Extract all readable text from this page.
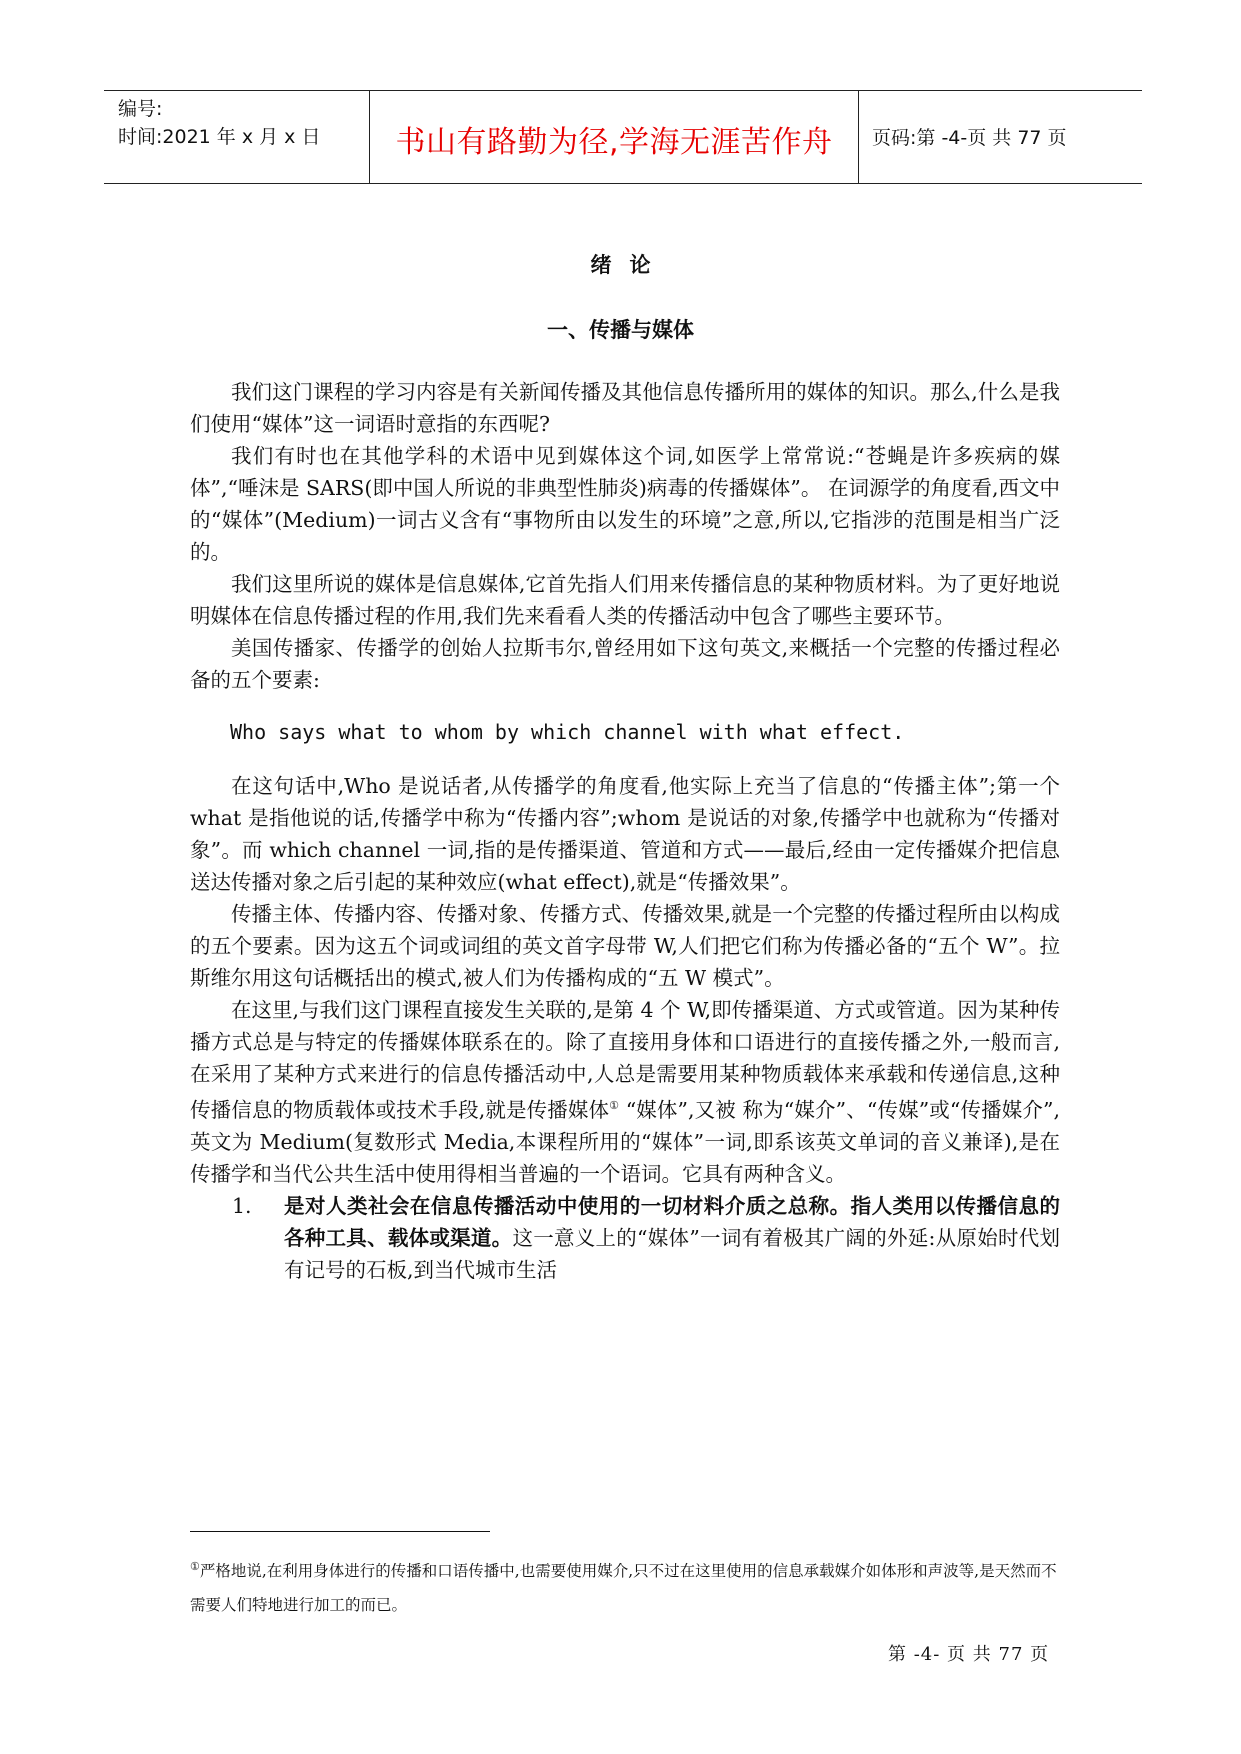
编号:
时间:2021 年 x 月 x 日	书山有路勤为径,学海无涯苦作舟	页码:第 -4-页 共 77 页
绪论
一、传播与媒体

我们这门课程的学习内容是有关新闻传播及其他信息传播所用的媒体的知识。那么,什么是我们使用“媒体”这一词语时意指的东西呢?

我们有时也在其他学科的术语中见到媒体这个词,如医学上常常说:“苍蝇是许多疾病的媒体”,“唾沫是 SARS(即中国人所说的非典型性肺炎)病毒的传播媒体”。 在词源学的角度看,西文中的“媒体”(Medium)一词古义含有“事物所由以发生的环境”之意,所以,它指涉的范围是相当广泛的。

我们这里所说的媒体是信息媒体,它首先指人们用来传播信息的某种物质材料。为了更好地说明媒体在信息传播过程的作用,我们先来看看人类的传播活动中包含了哪些主要环节。

美国传播家、传播学的创始人拉斯韦尔,曾经用如下这句英文,来概括一个完整的传播过程必备的五个要素:

Who says what to whom by which channel with what effect.

在这句话中,Who 是说话者,从传播学的角度看,他实际上充当了信息的“传播主体”;第一个 what 是指他说的话,传播学中称为“传播内容”;whom 是说话的对象,传播学中也就称为“传播对象”。而 which channel 一词,指的是传播渠道、管道和方式——最后,经由一定传播媒介把信息送达传播对象之后引起的某种效应(what effect),就是“传播效果”。

传播主体、传播内容、传播对象、传播方式、传播效果,就是一个完整的传播过程所由以构成的五个要素。因为这五个词或词组的英文首字母带 W,人们把它们称为传播必备的“五个 W”。拉斯维尔用这句话概括出的模式,被人们为传播构成的“五 W 模式”。

在这里,与我们这门课程直接发生关联的,是第 4 个 W,即传播渠道、方式或管道。因为某种传播方式总是与特定的传播媒体联系在的。除了直接用身体和口语进行的直接传播之外,一般而言,在采用了某种方式来进行的信息传播活动中,人总是需要用某种物质载体来承载和传递信息,这种传播信息的物质载体或技术手段,就是传播媒体① “媒体”,又被 称为“媒介”、“传媒”或“传播媒介”, 英文为 Medium(复数形式 Media,本课程所用的“媒体”一词,即系该英文单词的音义兼译),是在传播学和当代公共生活中使用得相当普遍的一个语词。它具有两种含义。

1.	是对人类社会在信息传播活动中使用的一切材料介质之总称。指人类用以传播信息的各种工具、载体或渠道。这一意义上的“媒体”一词有着极其广阔的外延:从原始时代划有记号的石板,到当代城市生活
①严格地说,在利用身体进行的传播和口语传播中,也需要使用媒介,只不过在这里使用的信息承载媒介如体形和声波等,是天然而不需要人们特地进行加工的而已。
第 -4- 页 共 77 页
